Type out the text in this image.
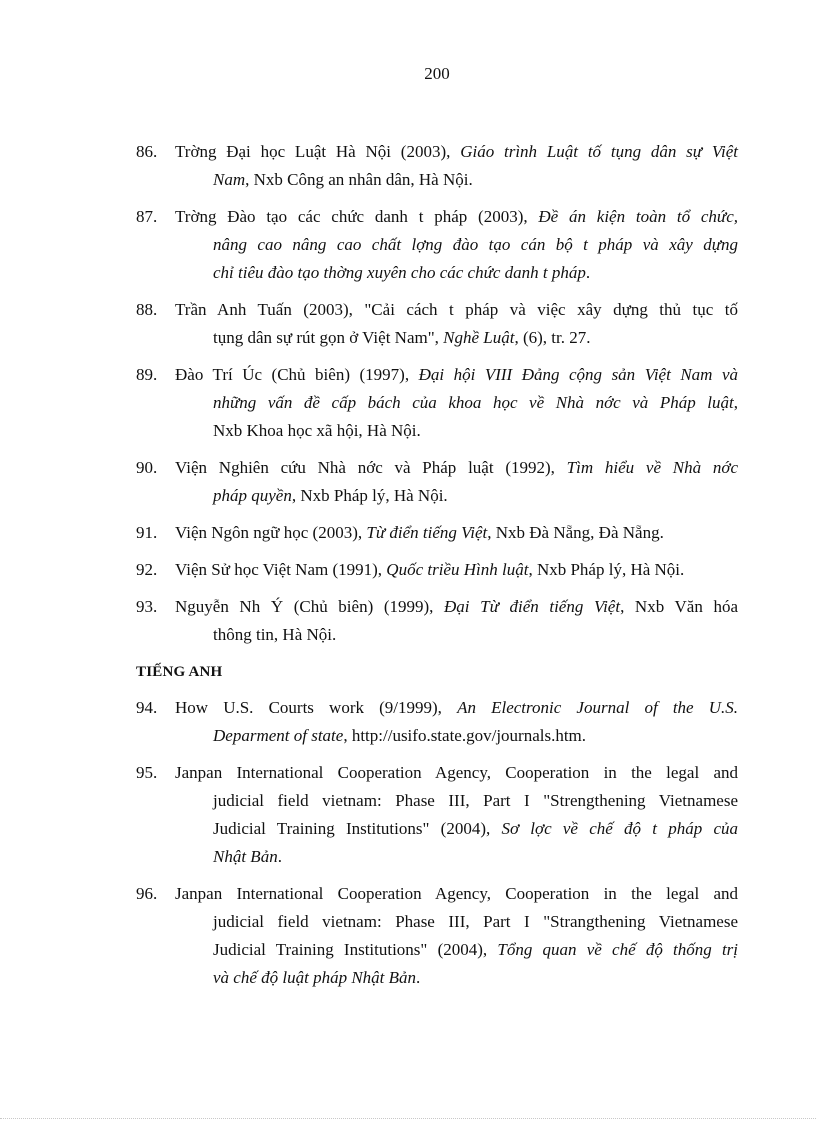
200
86.	Trờng Đại học Luật Hà Nội (2003), Giáo trình Luật tố tụng dân sự Việt
Nam, Nxb Công an nhân dân, Hà Nội.
87.	Trờng Đào tạo các chức danh t pháp (2003), Đề án kiện toàn tổ chức,
nâng cao nâng cao chất lợng đào tạo cán bộ t pháp và xây dựng
chỉ tiêu đào tạo thờng xuyên cho các chức danh t pháp.
88.	Trần Anh Tuấn (2003), "Cải cách t pháp và việc xây dựng thủ tục tố
tụng dân sự rút gọn ở Việt Nam", Nghề Luật, (6), tr. 27.
89.	Đào Trí Úc (Chủ biên) (1997), Đại hội VIII Đảng cộng sản Việt Nam và
những vấn đề cấp bách của khoa học về Nhà nớc và Pháp luật,
Nxb Khoa học xã hội, Hà Nội.
90.	Viện Nghiên cứu Nhà nớc và Pháp luật (1992), Tìm hiểu về Nhà nớc
pháp quyền, Nxb Pháp lý, Hà Nội.
91.	Viện Ngôn ngữ học (2003), Từ điển tiếng Việt, Nxb Đà Nẵng, Đà Nẵng.
92.	Viện Sử học Việt Nam (1991), Quốc triều Hình luật, Nxb Pháp lý, Hà Nội.
93.	Nguyễn Nh Ý (Chủ biên) (1999), Đại Từ điển tiếng Việt, Nxb Văn hóa
thông tin, Hà Nội.
TIẾNG ANH
94.	How U.S. Courts work (9/1999), An Electronic Journal of the U.S.
Deparment of state, http://usifo.state.gov/journals.htm.
95.	Janpan International Cooperation Agency, Cooperation in the legal and
judicial field vietnam: Phase III, Part I "Strengthening Vietnamese
Judicial Training Institutions" (2004), Sơ lợc về chế độ t pháp của
Nhật Bản.
96.	Janpan International Cooperation Agency, Cooperation in the legal and
judicial field vietnam: Phase III, Part I "Strangthening Vietnamese
Judicial Training Institutions" (2004), Tổng quan về chế độ thống trị
và chế độ luật pháp Nhật Bản.
